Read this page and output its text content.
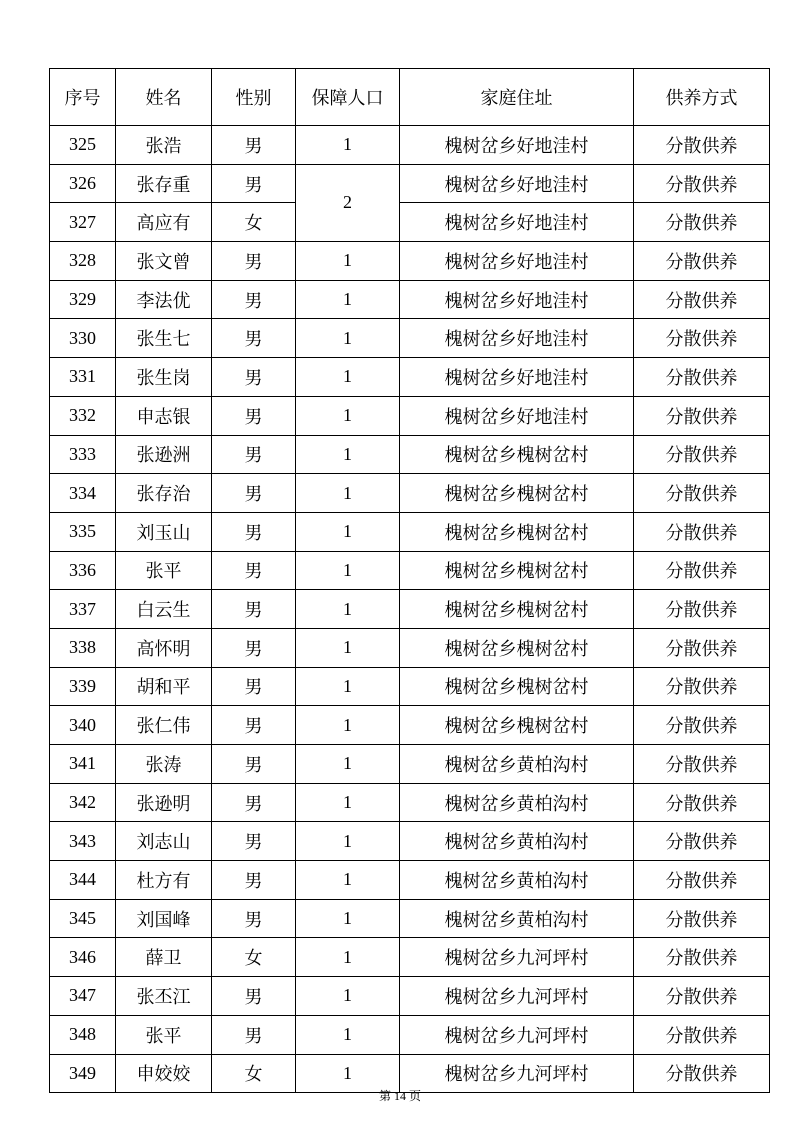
序号	姓名	性别	保障人口	家庭住址	供养方式
325	张浩	男	1	槐树岔乡好地洼村	分散供养
326	张存重	男	2	槐树岔乡好地洼村	分散供养
327	高应有	女		槐树岔乡好地洼村	分散供养
328	张文曾	男	1	槐树岔乡好地洼村	分散供养
329	李法优	男	1	槐树岔乡好地洼村	分散供养
330	张生七	男	1	槐树岔乡好地洼村	分散供养
331	张生岗	男	1	槐树岔乡好地洼村	分散供养
332	申志银	男	1	槐树岔乡好地洼村	分散供养
333	张逊洲	男	1	槐树岔乡槐树岔村	分散供养
334	张存治	男	1	槐树岔乡槐树岔村	分散供养
335	刘玉山	男	1	槐树岔乡槐树岔村	分散供养
336	张平	男	1	槐树岔乡槐树岔村	分散供养
337	白云生	男	1	槐树岔乡槐树岔村	分散供养
338	高怀明	男	1	槐树岔乡槐树岔村	分散供养
339	胡和平	男	1	槐树岔乡槐树岔村	分散供养
340	张仁伟	男	1	槐树岔乡槐树岔村	分散供养
341	张涛	男	1	槐树岔乡黄柏沟村	分散供养
342	张逊明	男	1	槐树岔乡黄柏沟村	分散供养
343	刘志山	男	1	槐树岔乡黄柏沟村	分散供养
344	杜方有	男	1	槐树岔乡黄柏沟村	分散供养
345	刘国峰	男	1	槐树岔乡黄柏沟村	分散供养
346	薛卫	女	1	槐树岔乡九河坪村	分散供养
347	张丕江	男	1	槐树岔乡九河坪村	分散供养
348	张平	男	1	槐树岔乡九河坪村	分散供养
349	申姣姣	女	1	槐树岔乡九河坪村	分散供养
第 14 页
